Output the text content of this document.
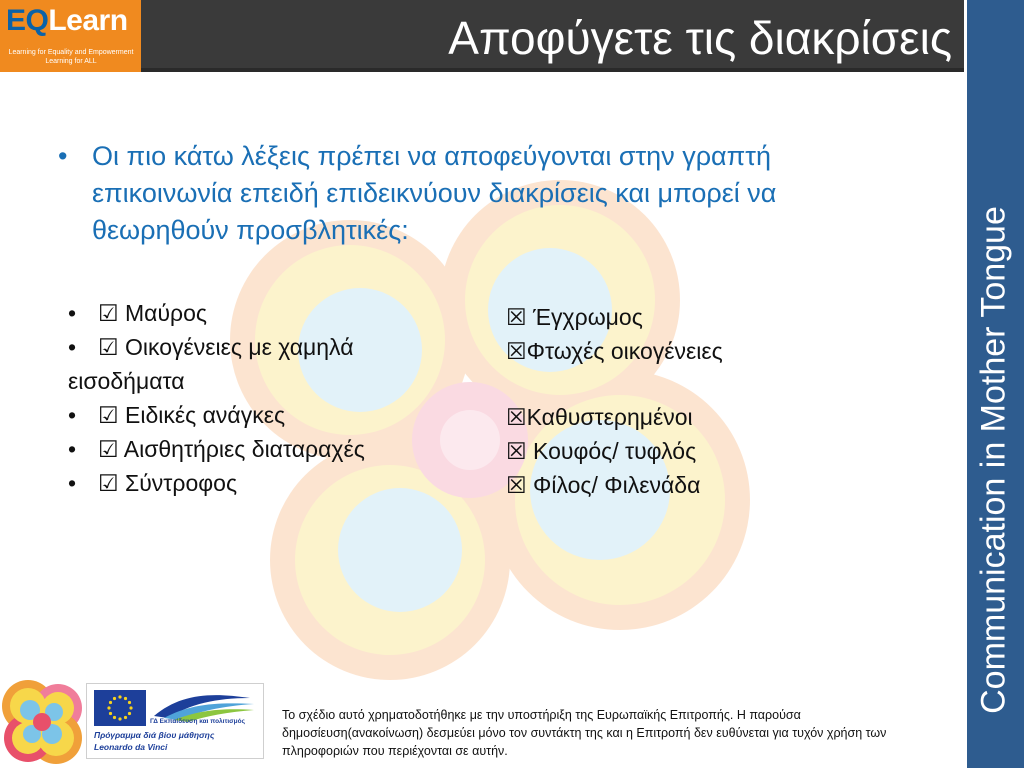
Αποφύγετε τις διακρίσεις
EQLearn
Learning for Equality and Empowerment
Learning for ALL
Communication in Mother Tongue
• Οι πιο κάτω λέξεις πρέπει να αποφεύγονται στην γραπτή επικοινωνία επειδή επιδεικνύουν διακρίσεις και μπορεί να θεωρηθούν προσβλητικές:
• ☑ Μαύρος
• ☑ Οικογένειες με χαμηλά
εισοδήματα
• ☑ Ειδικές ανάγκες
• ☑ Αισθητήριες διαταραχές
• ☑ Σύντροφος
☒ Έγχρωμος
☒Φτωχές οικογένειες
☒Καθυστερημένοι
☒ Κουφός/ τυφλός
☒ Φίλος/ Φιλενάδα
ΓΔ Εκπαίδευση και πολιτισμός
Πρόγραμμα διά βίου μάθησης
Leonardo da Vinci
Το σχέδιο αυτό χρηματοδοτήθηκε με την υποστήριξη της Ευρωπαϊκής Επιτροπής. Η παρούσα δημοσίευση(ανακοίνωση) δεσμεύει μόνο τον συντάκτη της και η Επιτροπή δεν ευθύνεται για τυχόν χρήση των πληροφοριών που περιέχονται σε αυτήν.
